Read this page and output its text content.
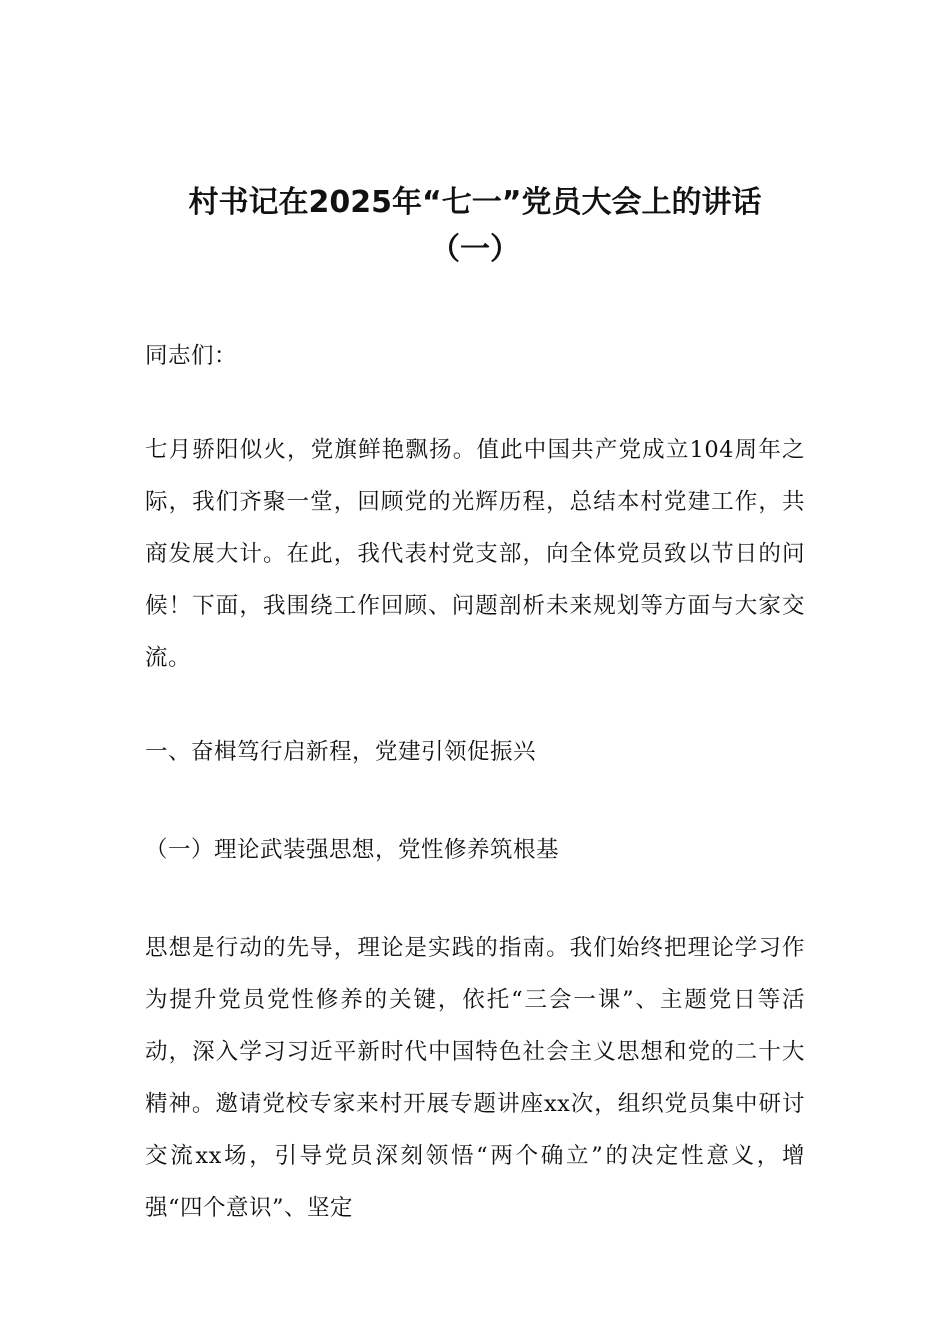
村书记在2025年“七一”党员大会上的讲话
（一）

同志们：

七月骄阳似火，党旗鲜艳飘扬。值此中国共产党成立104周年之际，我们齐聚一堂，回顾党的光辉历程，总结本村党建工作，共商发展大计。在此，我代表村党支部，向全体党员致以节日的问候！下面，我围绕工作回顾、问题剖析未来规划等方面与大家交流。

一、奋楫笃行启新程，党建引领促振兴

（一）理论武装强思想，党性修养筑根基

思想是行动的先导，理论是实践的指南。我们始终把理论学习作为提升党员党性修养的关键，依托“三会一课”、主题党日等活动，深入学习习近平新时代中国特色社会主义思想和党的二十大精神。邀请党校专家来村开展专题讲座xx次，组织党员集中研讨交流xx场，引导党员深刻领悟“两个确立”的决定性意义，增强“四个意识”、坚定
